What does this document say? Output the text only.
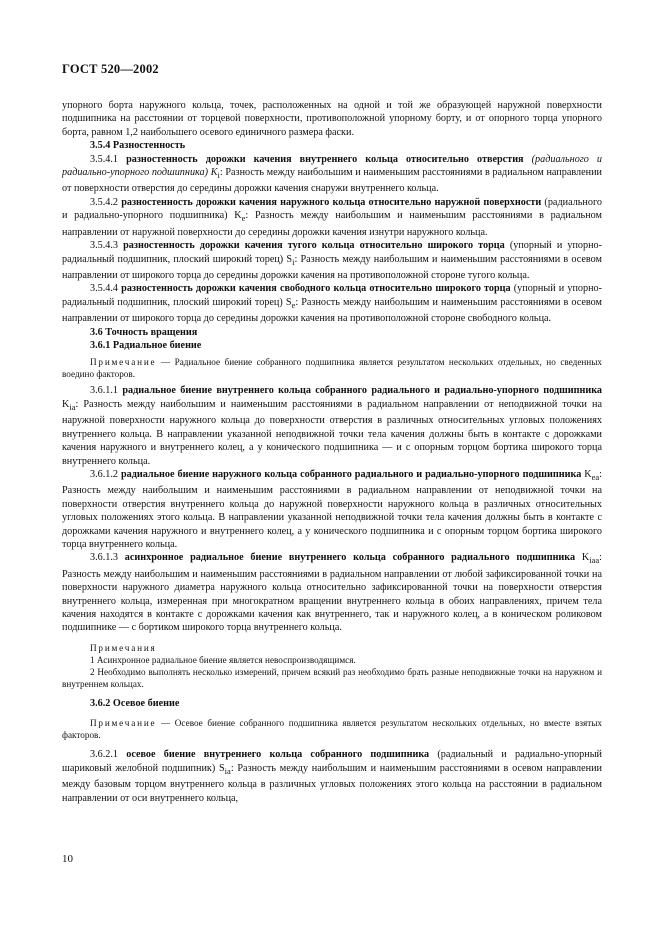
ГОСТ 520—2002

упорного борта наружного кольца, точек, расположенных на одной и той же образующей наружной поверхности подшипника на расстоянии от торцевой поверхности, противоположной упорному борту, и от опорного торца упорного борта, равном 1,2 наибольшего осевого единичного размера фаски.

3.5.4 Разностенность

3.5.4.1 разностенность дорожки качения внутреннего кольца относительно отверстия (радиального и радиально-упорного подшипника) $K_i$: Разность между наибольшим и наименьшим расстояниями в радиальном направлении от поверхности отверстия до середины дорожки качения снаружи внутреннего кольца.

3.5.4.2 разностенность дорожки качения наружного кольца относительно наружной поверхности (радиального и радиально-упорного подшипника) $K_e$: Разность между наибольшим и наименьшим расстояниями в радиальном направлении от наружной поверхности до середины дорожки качения изнутри наружного кольца.

3.5.4.3 разностенность дорожки качения тугого кольца относительно широкого торца (упорный и упорно-радиальный подшипник, плоский широкий торец) $S_i$: Разность между наибольшим и наименьшим расстояниями в осевом направлении от широкого торца до середины дорожки качения на противоположной стороне тугого кольца.

3.5.4.4 разностенность дорожки качения свободного кольца относительно широкого торца (упорный и упорно-радиальный подшипник, плоский широкий торец) $S_e$: Разность между наибольшим и наименьшим расстояниями в осевом направлении от широкого торца до середины дорожки качения на противоположной стороне свободного кольца.

3.6 Точность вращения

3.6.1 Радиальное биение

Примечание — Радиальное биение собранного подшипника является результатом нескольких отдельных, но сведенных воедино факторов.

3.6.1.1 радиальное биение внутреннего кольца собранного радиального и радиально-упорного подшипника $K_{ia}$: Разность между наибольшим и наименьшим расстояниями в радиальном направлении от неподвижной точки на наружной поверхности наружного кольца до поверхности отверстия в различных относительных угловых положениях внутреннего кольца. В направлении указанной неподвижной точки тела качения должны быть в контакте с дорожками качения наружного и внутреннего колец, а у конического подшипника — и с опорным торцом бортика широкого торца внутреннего кольца.

3.6.1.2 радиальное биение наружного кольца собранного радиального и радиально-упорного подшипника $K_{ea}$: Разность между наибольшим и наименьшим расстояниями в радиальном направлении от неподвижной точки на поверхности отверстия внутреннего кольца до наружной поверхности наружного кольца в различных относительных угловых положениях этого кольца. В направлении указанной неподвижной точки тела качения должны быть в контакте с дорожками качения наружного и внутреннего колец, а у конического подшипника и с опорным торцом бортика широкого торца внутреннего кольца.

3.6.1.3 асинхронное радиальное биение внутреннего кольца собранного радиального подшипника $K_{iaa}$: Разность между наибольшим и наименьшим расстояниями в радиальном направлении от любой зафиксированной точки на поверхности наружного диаметра наружного кольца относительно зафиксированной точки на поверхности отверстия внутреннего кольца, измеренная при многократном вращении внутреннего кольца в обоих направлениях, причем тела качения находятся в контакте с дорожками качения как внутреннего, так и наружного колец, а в коническом роликовом подшипнике — с бортиком широкого торца внутреннего кольца.

Примечания

1 Асинхронное радиальное биение является невоспроизводящимся.

2 Необходимо выполнять несколько измерений, причем всякий раз необходимо брать разные неподвижные точки на наружном и внутреннем кольцах.

3.6.2 Осевое биение

Примечание — Осевое биение собранного подшипника является результатом нескольких отдельных, но вместе взятых факторов.

3.6.2.1 осевое биение внутреннего кольца собранного подшипника (радиальный и радиально-упорный шариковый желобной подшипник) $S_{ia}$: Разность между наибольшим и наименьшим расстояниями в осевом направлении между базовым торцом внутреннего кольца в различных угловых положениях этого кольца на расстоянии в радиальном направлении от оси внутреннего кольца,

10
